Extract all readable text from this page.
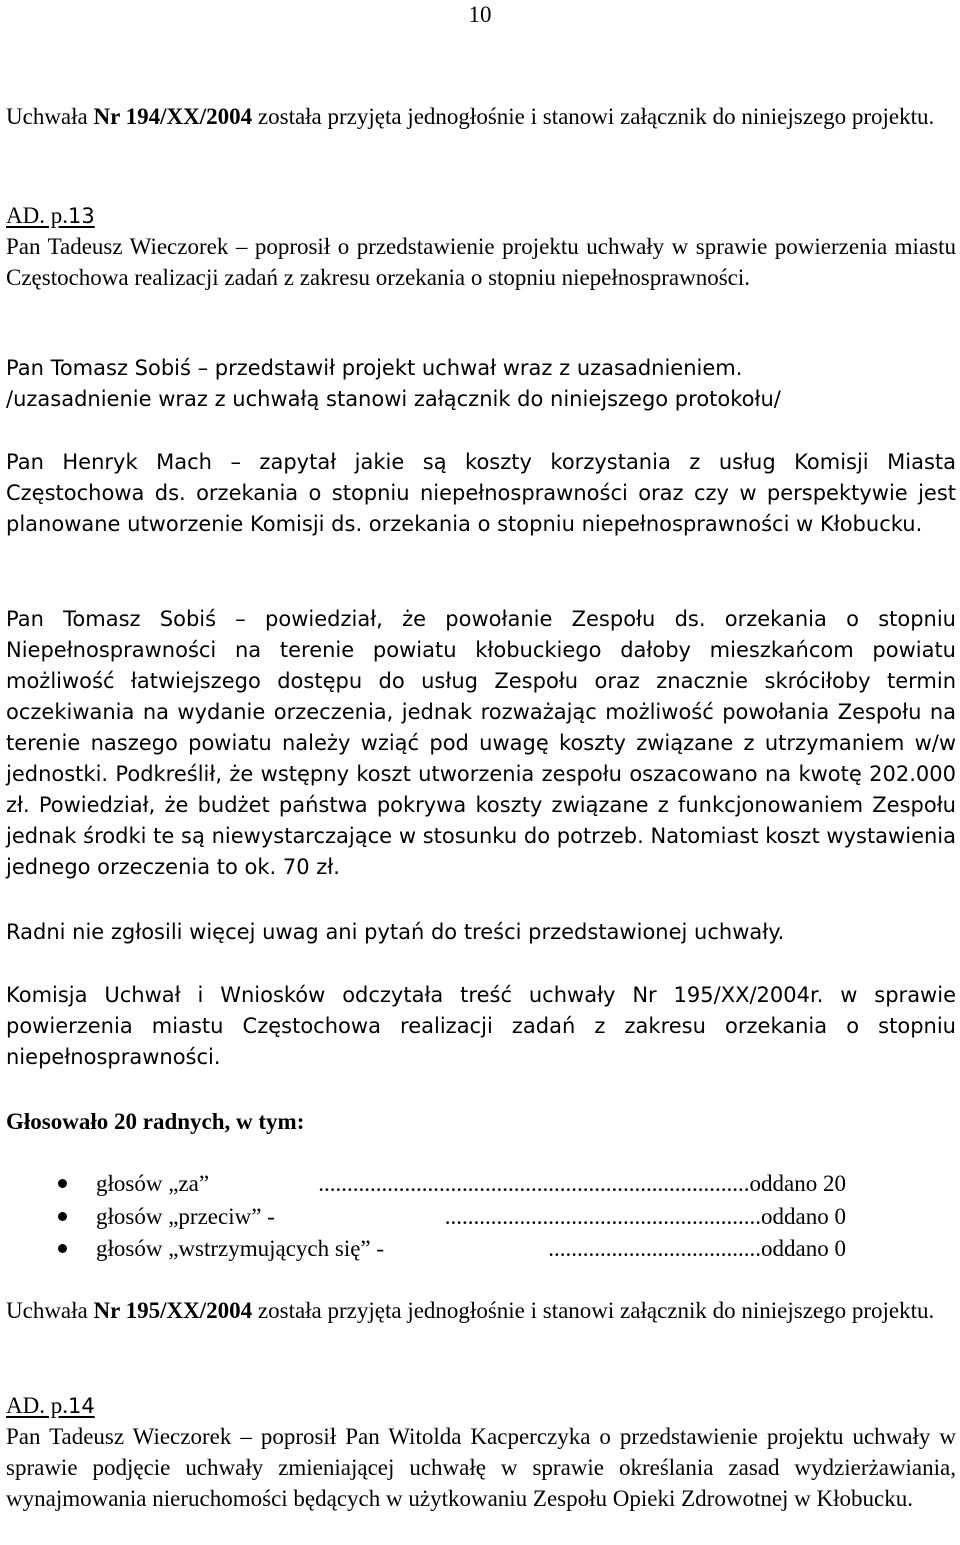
10

Uchwała Nr 194/XX/2004 została przyjęta jednogłośnie i stanowi załącznik do niniejszego projektu.

AD. p.13

Pan Tadeusz Wieczorek – poprosił o przedstawienie projektu uchwały w sprawie powierzenia miastu Częstochowa realizacji zadań z zakresu orzekania o stopniu niepełnosprawności.

Pan Tomasz Sobiś – przedstawił projekt uchwał wraz z uzasadnieniem.
/uzasadnienie wraz z uchwałą stanowi załącznik do niniejszego protokołu/

Pan Henryk Mach – zapytał jakie są koszty korzystania z usług Komisji Miasta Częstochowa ds. orzekania o stopniu niepełnosprawności oraz czy w perspektywie jest planowane utworzenie Komisji ds. orzekania o stopniu niepełnosprawności w Kłobucku.

Pan Tomasz Sobiś – powiedział, że powołanie Zespołu ds. orzekania o stopniu Niepełnosprawności na terenie powiatu kłobuckiego dałoby mieszkańcom powiatu możliwość łatwiejszego dostępu do usług Zespołu oraz znacznie skróciłoby termin oczekiwania na wydanie orzeczenia, jednak rozważając możliwość powołania Zespołu na terenie naszego powiatu należy wziąć pod uwagę koszty związane z utrzymaniem w/w jednostki. Podkreślił, że wstępny koszt utworzenia zespołu oszacowano na kwotę 202.000 zł. Powiedział, że budżet państwa pokrywa koszty związane z funkcjonowaniem Zespołu jednak środki te są niewystarczające w stosunku do potrzeb. Natomiast koszt wystawienia jednego orzeczenia to ok. 70 zł.

Radni nie zgłosili więcej uwag ani pytań do treści przedstawionej uchwały.

Komisja Uchwał i Wniosków odczytała treść uchwały Nr 195/XX/2004r. w sprawie powierzenia miastu Częstochowa realizacji zadań z zakresu orzekania o stopniu niepełnosprawności.

Głosowało 20 radnych, w tym:
głosów „za”	...........................................................................oddano 20
głosów „przeciw” -	.......................................................oddano 0
głosów „wstrzymujących się” -	.....................................oddano 0

Uchwała Nr 195/XX/2004 została przyjęta jednogłośnie i stanowi załącznik do niniejszego projektu.

AD. p.14

Pan Tadeusz Wieczorek – poprosił Pan Witolda Kacperczyka o przedstawienie projektu uchwały w sprawie podjęcie uchwały zmieniającej uchwałę w sprawie określania zasad wydzierżawiania, wynajmowania nieruchomości będących w użytkowaniu Zespołu Opieki Zdrowotnej w Kłobucku.
